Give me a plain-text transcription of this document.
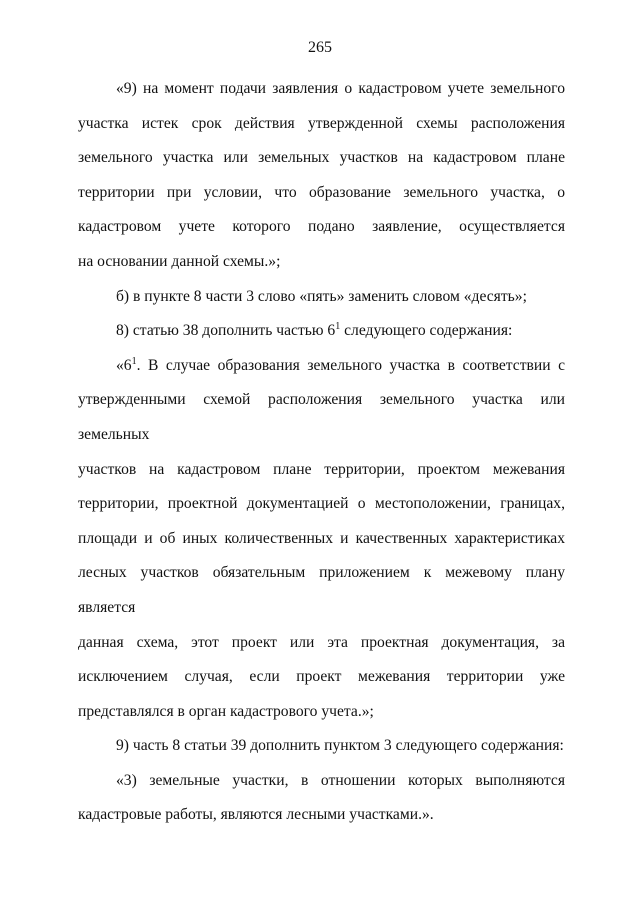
265
«9) на момент подачи заявления о кадастровом учете земельного
участка истек срок действия утвержденной схемы расположения
земельного участка или земельных участков на кадастровом плане
территории при условии, что образование земельного участка, о
кадастровом учете которого подано заявление, осуществляется
на основании данной схемы.»;
б) в пункте 8 части 3 слово «пять» заменить словом «десять»;
8) статью 38 дополнить частью $6^1$ следующего содержания:
«$6^1$. В случае образования земельного участка в соответствии с
утвержденными схемой расположения земельного участка или земельных
участков на кадастровом плане территории, проектом межевания
территории, проектной документацией о местоположении, границах,
площади и об иных количественных и качественных характеристиках
лесных участков обязательным приложением к межевому плану является
данная схема, этот проект или эта проектная документация, за
исключением случая, если проект межевания территории уже
представлялся в орган кадастрового учета.»;
9) часть 8 статьи 39 дополнить пунктом 3 следующего содержания:
«3) земельные участки, в отношении которых выполняются
кадастровые работы, являются лесными участками.».
